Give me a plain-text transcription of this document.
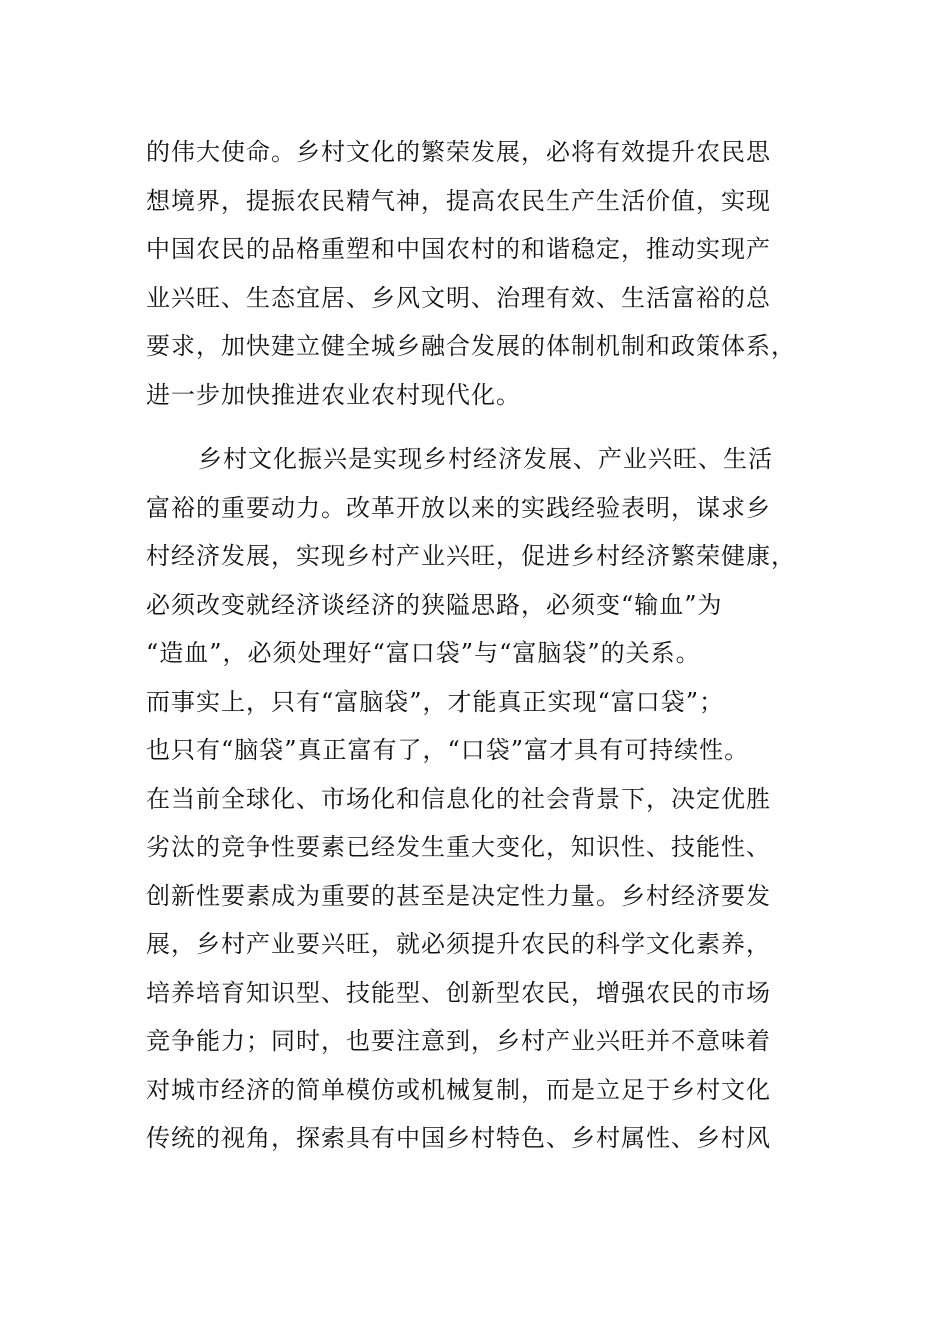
的伟大使命。乡村文化的繁荣发展，必将有效提升农民思
想境界，提振农民精气神，提高农民生产生活价值，实现
中国农民的品格重塑和中国农村的和谐稳定，推动实现产
业兴旺、生态宜居、乡风文明、治理有效、生活富裕的总
要求，加快建立健全城乡融合发展的体制机制和政策体系，
进一步加快推进农业农村现代化。
乡村文化振兴是实现乡村经济发展、产业兴旺、生活
富裕的重要动力。改革开放以来的实践经验表明，谋求乡
村经济发展，实现乡村产业兴旺，促进乡村经济繁荣健康，
必须改变就经济谈经济的狭隘思路，必须变“输血”为
“造血”，必须处理好“富口袋”与“富脑袋”的关系。
而事实上，只有“富脑袋”，才能真正实现“富口袋”；
也只有“脑袋”真正富有了，“口袋”富才具有可持续性。
在当前全球化、市场化和信息化的社会背景下，决定优胜
劣汰的竞争性要素已经发生重大变化，知识性、技能性、
创新性要素成为重要的甚至是决定性力量。乡村经济要发
展，乡村产业要兴旺，就必须提升农民的科学文化素养，
培养培育知识型、技能型、创新型农民，增强农民的市场
竞争能力；同时，也要注意到，乡村产业兴旺并不意味着
对城市经济的简单模仿或机械复制，而是立足于乡村文化
传统的视角，探索具有中国乡村特色、乡村属性、乡村风
